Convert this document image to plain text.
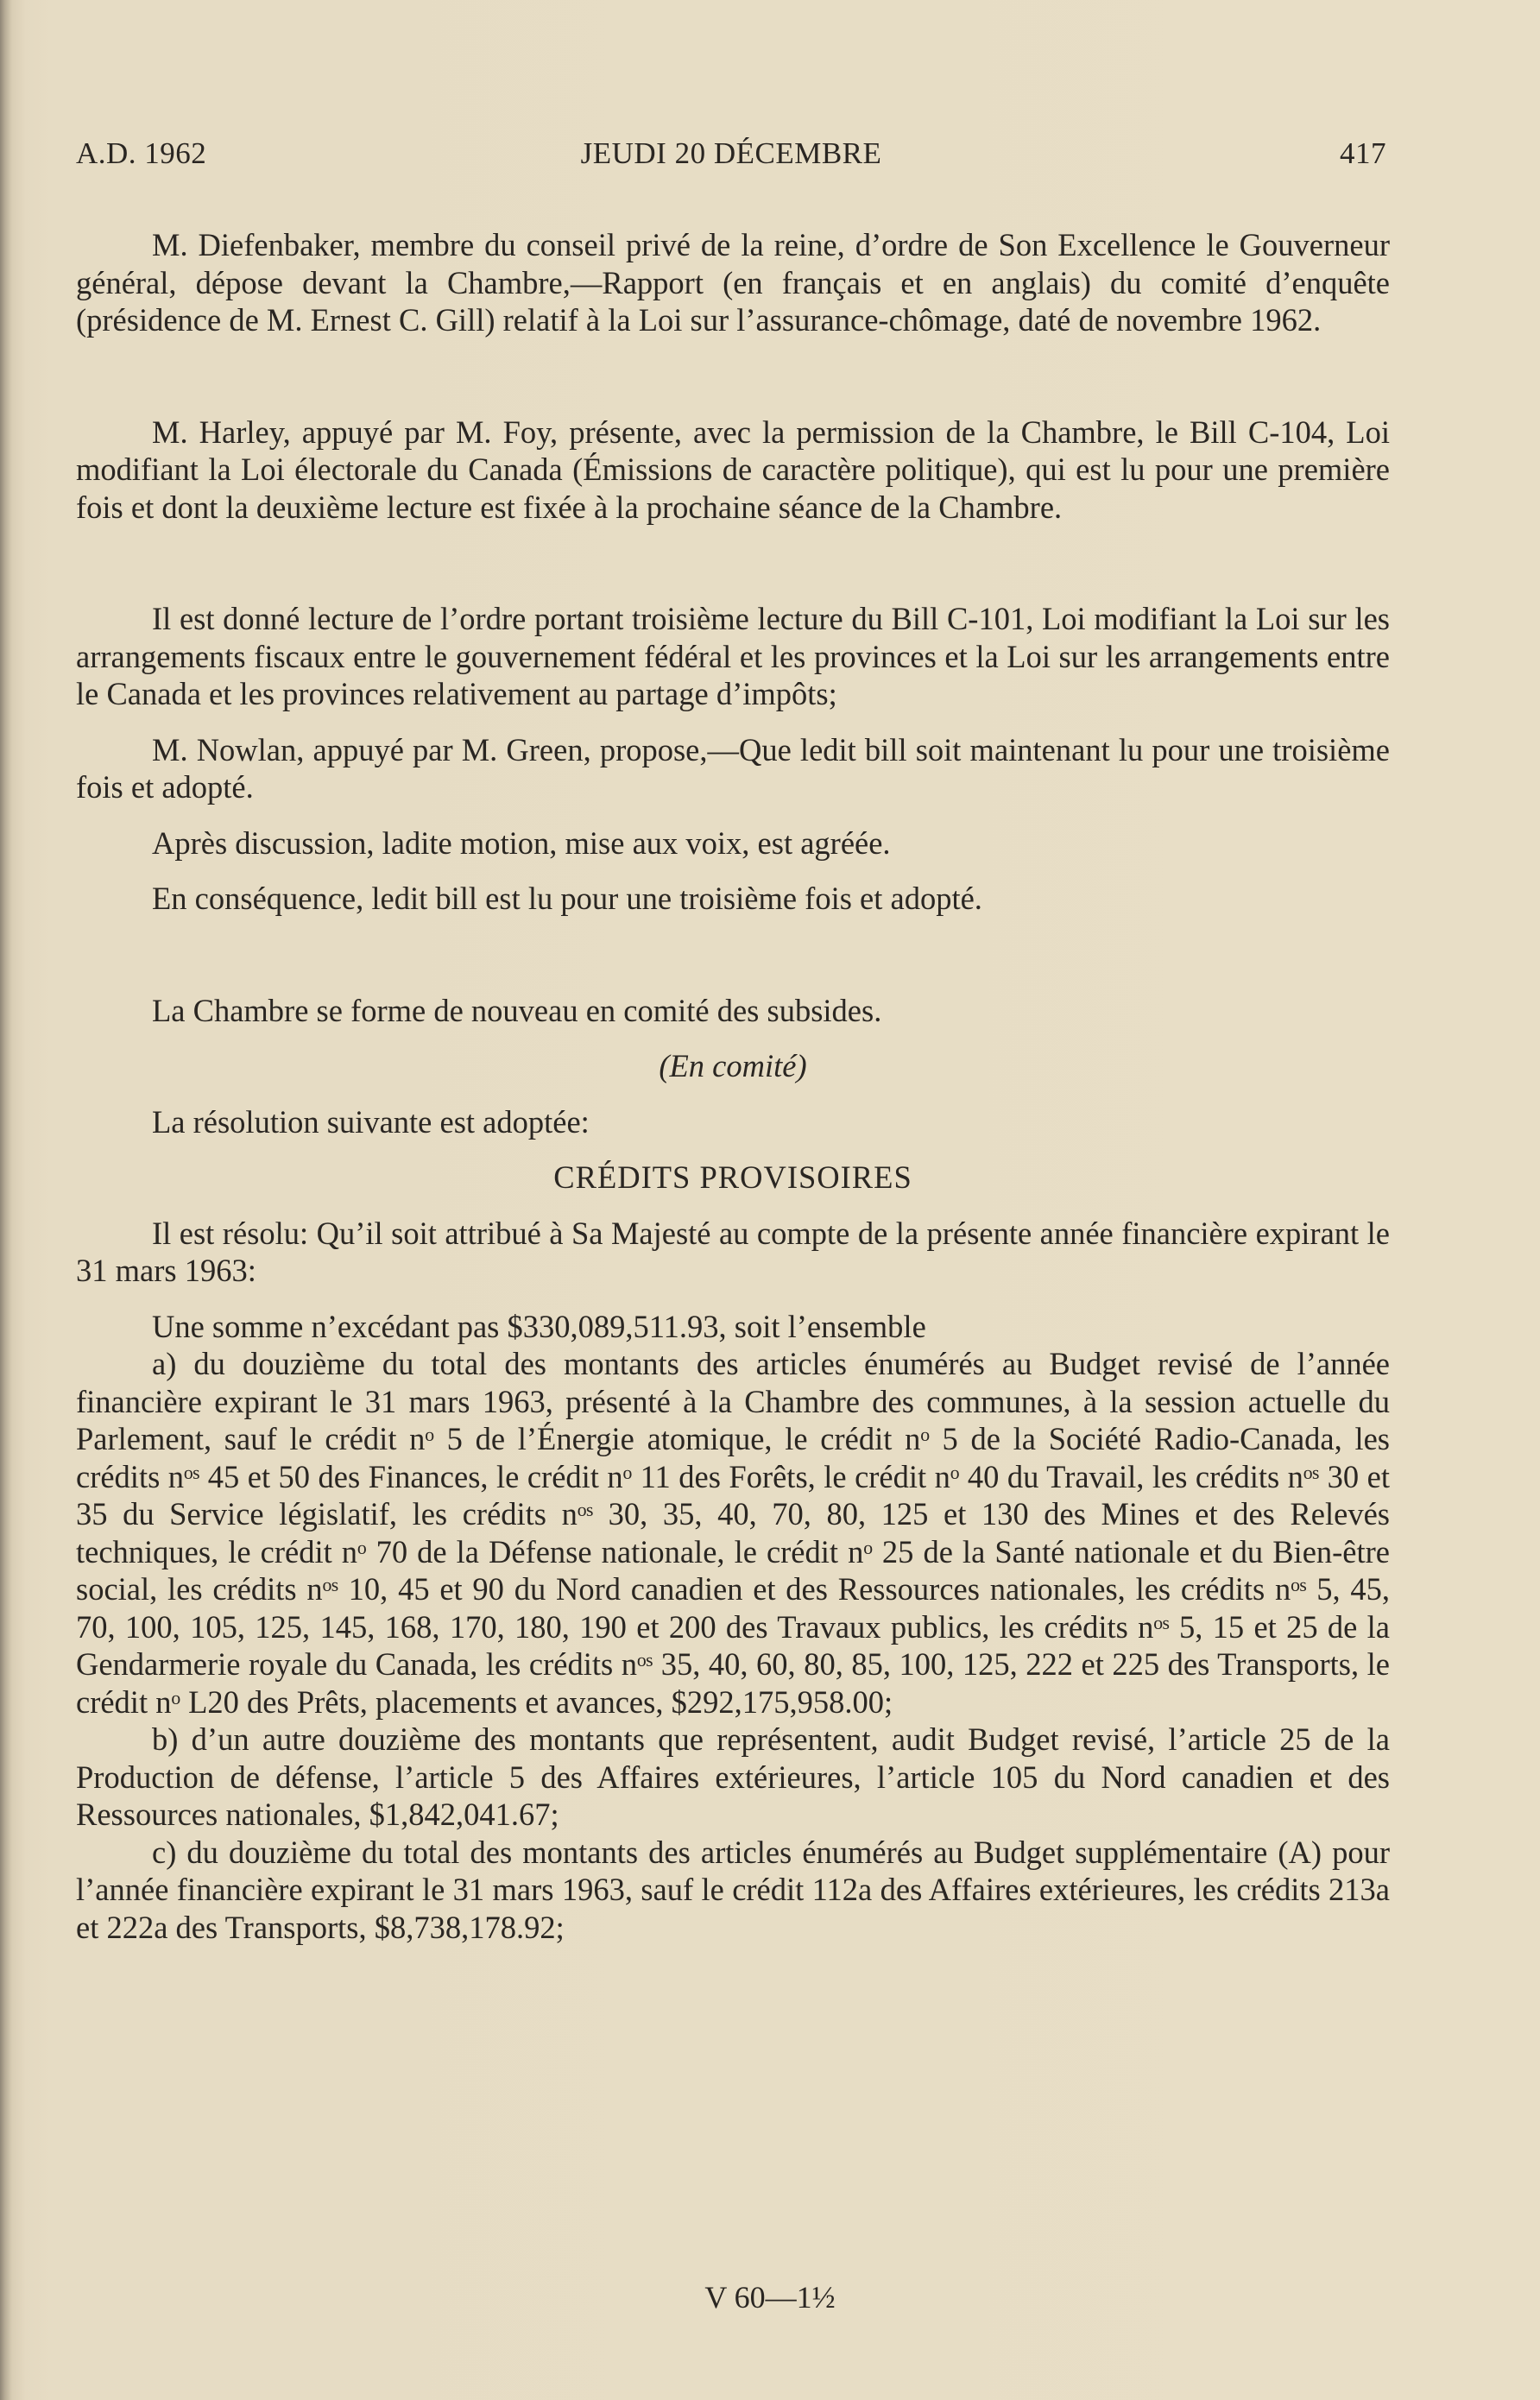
A.D. 1962	JEUDI 20 DÉCEMBRE	417

M. Diefenbaker, membre du conseil privé de la reine, d’ordre de Son Excellence le Gouverneur général, dépose devant la Chambre,—Rapport (en français et en anglais) du comité d’enquête (présidence de M. Ernest C. Gill) relatif à la Loi sur l’assurance-chômage, daté de novembre 1962.

M. Harley, appuyé par M. Foy, présente, avec la permission de la Chambre, le Bill C-104, Loi modifiant la Loi électorale du Canada (Émissions de caractère politique), qui est lu pour une première fois et dont la deuxième lecture est fixée à la prochaine séance de la Chambre.

Il est donné lecture de l’ordre portant troisième lecture du Bill C-101, Loi modifiant la Loi sur les arrangements fiscaux entre le gouvernement fédéral et les provinces et la Loi sur les arrangements entre le Canada et les provinces relativement au partage d’impôts;

M. Nowlan, appuyé par M. Green, propose,—Que ledit bill soit maintenant lu pour une troisième fois et adopté.

Après discussion, ladite motion, mise aux voix, est agréée.

En conséquence, ledit bill est lu pour une troisième fois et adopté.

La Chambre se forme de nouveau en comité des subsides.

(En comité)

La résolution suivante est adoptée:

CRÉDITS PROVISOIRES

Il est résolu: Qu’il soit attribué à Sa Majesté au compte de la présente année financière expirant le 31 mars 1963:

Une somme n’excédant pas $330,089,511.93, soit l’ensemble

a) du douzième du total des montants des articles énumérés au Budget revisé de l’année financière expirant le 31 mars 1963, présenté à la Chambre des communes, à la session actuelle du Parlement, sauf le crédit nᵒ 5 de l’Énergie atomique, le crédit nᵒ 5 de la Société Radio-Canada, les crédits nᵒˢ 45 et 50 des Finances, le crédit nᵒ 11 des Forêts, le crédit nᵒ 40 du Travail, les crédits nᵒˢ 30 et 35 du Service législatif, les crédits nᵒˢ 30, 35, 40, 70, 80, 125 et 130 des Mines et des Relevés techniques, le crédit nᵒ 70 de la Défense nationale, le crédit nᵒ 25 de la Santé nationale et du Bien-être social, les crédits nᵒˢ 10, 45 et 90 du Nord canadien et des Ressources nationales, les crédits nᵒˢ 5, 45, 70, 100, 105, 125, 145, 168, 170, 180, 190 et 200 des Travaux publics, les crédits nᵒˢ 5, 15 et 25 de la Gendarmerie royale du Canada, les crédits nᵒˢ 35, 40, 60, 80, 85, 100, 125, 222 et 225 des Transports, le crédit nᵒ L20 des Prêts, placements et avances, $292,175,958.00;

b) d’un autre douzième des montants que représentent, audit Budget revisé, l’article 25 de la Production de défense, l’article 5 des Affaires extérieures, l’article 105 du Nord canadien et des Ressources nationales, $1,842,041.67;

c) du douzième du total des montants des articles énumérés au Budget supplémentaire (A) pour l’année financière expirant le 31 mars 1963, sauf le crédit 112a des Affaires extérieures, les crédits 213a et 222a des Transports, $8,738,178.92;

V 60—1½
